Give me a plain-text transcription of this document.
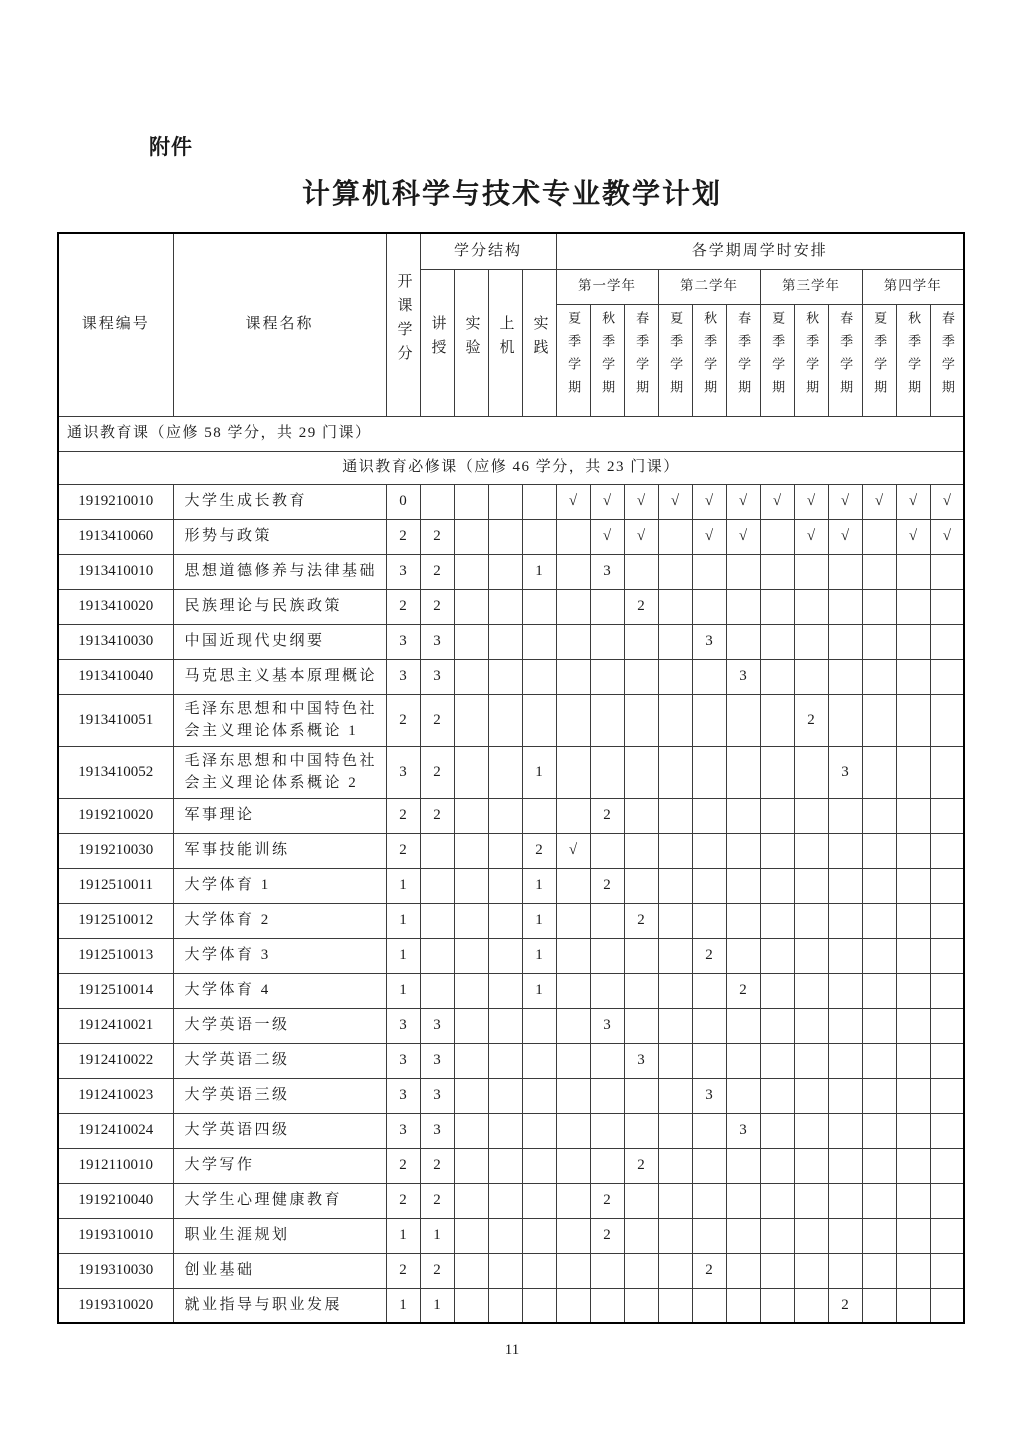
附件
计算机科学与技术专业教学计划
课程编号	课程名称	开课学分	学分结构				各学期周学时安排											
			讲授	实验	上机	实践	第一学年			第二学年			第三学年			第四学年		
							夏季学期	秋季学期	春季学期	夏季学期	秋季学期	春季学期	夏季学期	秋季学期	春季学期	夏季学期	秋季学期	春季学期
通识教育课（应修 58 学分，共 29 门课）																		
通识教育必修课（应修 46 学分，共 23 门课）																		
1919210010	大学生成长教育	0					√	√	√	√	√	√	√	√	√	√	√	√
1913410060	形势与政策	2	2					√	√		√	√		√	√		√	√
1913410010	思想道德修养与法律基础	3	2			1		3										
1913410020	民族理论与民族政策	2	2						2									
1913410030	中国近现代史纲要	3	3								3							
1913410040	马克思主义基本原理概论	3	3									3						
1913410051	毛泽东思想和中国特色社会主义理论体系概论 1	2	2											2				
1913410052	毛泽东思想和中国特色社会主义理论体系概论 2	3	2			1									3			
1919210020	军事理论	2	2					2										
1919210030	军事技能训练	2				2	√											
1912510011	大学体育 1	1				1		2										
1912510012	大学体育 2	1				1			2									
1912510013	大学体育 3	1				1					2							
1912510014	大学体育 4	1				1						2						
1912410021	大学英语一级	3	3					3										
1912410022	大学英语二级	3	3						3									
1912410023	大学英语三级	3	3								3							
1912410024	大学英语四级	3	3									3						
1912110010	大学写作	2	2						2									
1919210040	大学生心理健康教育	2	2					2										
1919310010	职业生涯规划	1	1					2										
1919310030	创业基础	2	2								2							
1919310020	就业指导与职业发展	1	1												2			
11
